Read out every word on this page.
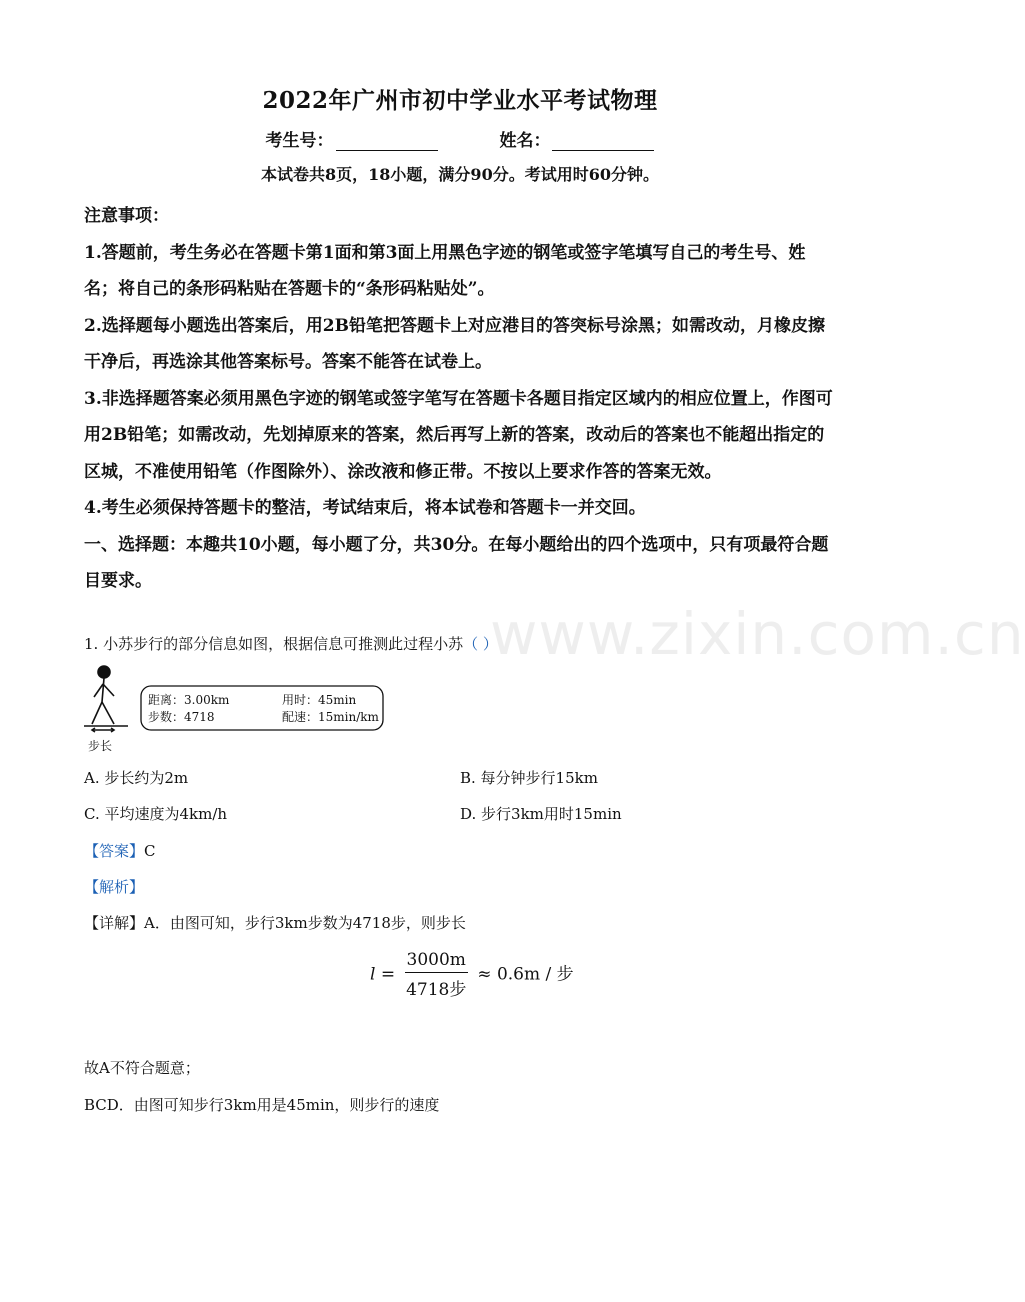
www.zixin.com.cn
2022年广州市初中学业水平考试物理
考生号：	姓名：
本试卷共8页，18小题，满分90分。考试用时60分钟。

注意事项：

1.答题前，考生务必在答题卡第1面和第3面上用黑色字迹的钢笔或签字笔填写自己的考生号、姓名；将自己的条形码粘贴在答题卡的“条形码粘贴处”。

2.选择题每小题选出答案后，用2B铅笔把答题卡上对应港目的答突标号涂黑；如需改动，月橡皮擦干净后，再选涂其他答案标号。答案不能答在试卷上。

3.非选择题答案必须用黑色字迹的钢笔或签字笔写在答题卡各题目指定区域内的相应位置上，作图可用2B铅笔；如需改动，先划掉原来的答案，然后再写上新的答案，改动后的答案也不能超出指定的区城，不准使用铅笔（作图除外）、涂改液和修正带。不按以上要求作答的答案无效。

4.考生必须保持答题卡的整洁，考试结束后，将本试卷和答题卡一并交回。

一、选择题：本趣共10小题，每小题了分，共30分。在每小题给出的四个选项中，只有项最符合题目要求。

1. 小苏步行的部分信息如图，根据信息可推测此过程小苏（ ）
步长
距离：3.00km	用时：45min
步数：4718	配速：15min/km
A. 步长约为2m	B. 每分钟步行15km
C. 平均速度为4km/h	D. 步行3km用时15min
【答案】C
【解析】
【详解】A．由图可知，步行3km步数为4718步，则步长
$l = \frac{3000m}{\text{4718步}} \approx 0.6m$ / 步
故A不符合题意；
BCD．由图可知步行3km用是45min，则步行的速度
